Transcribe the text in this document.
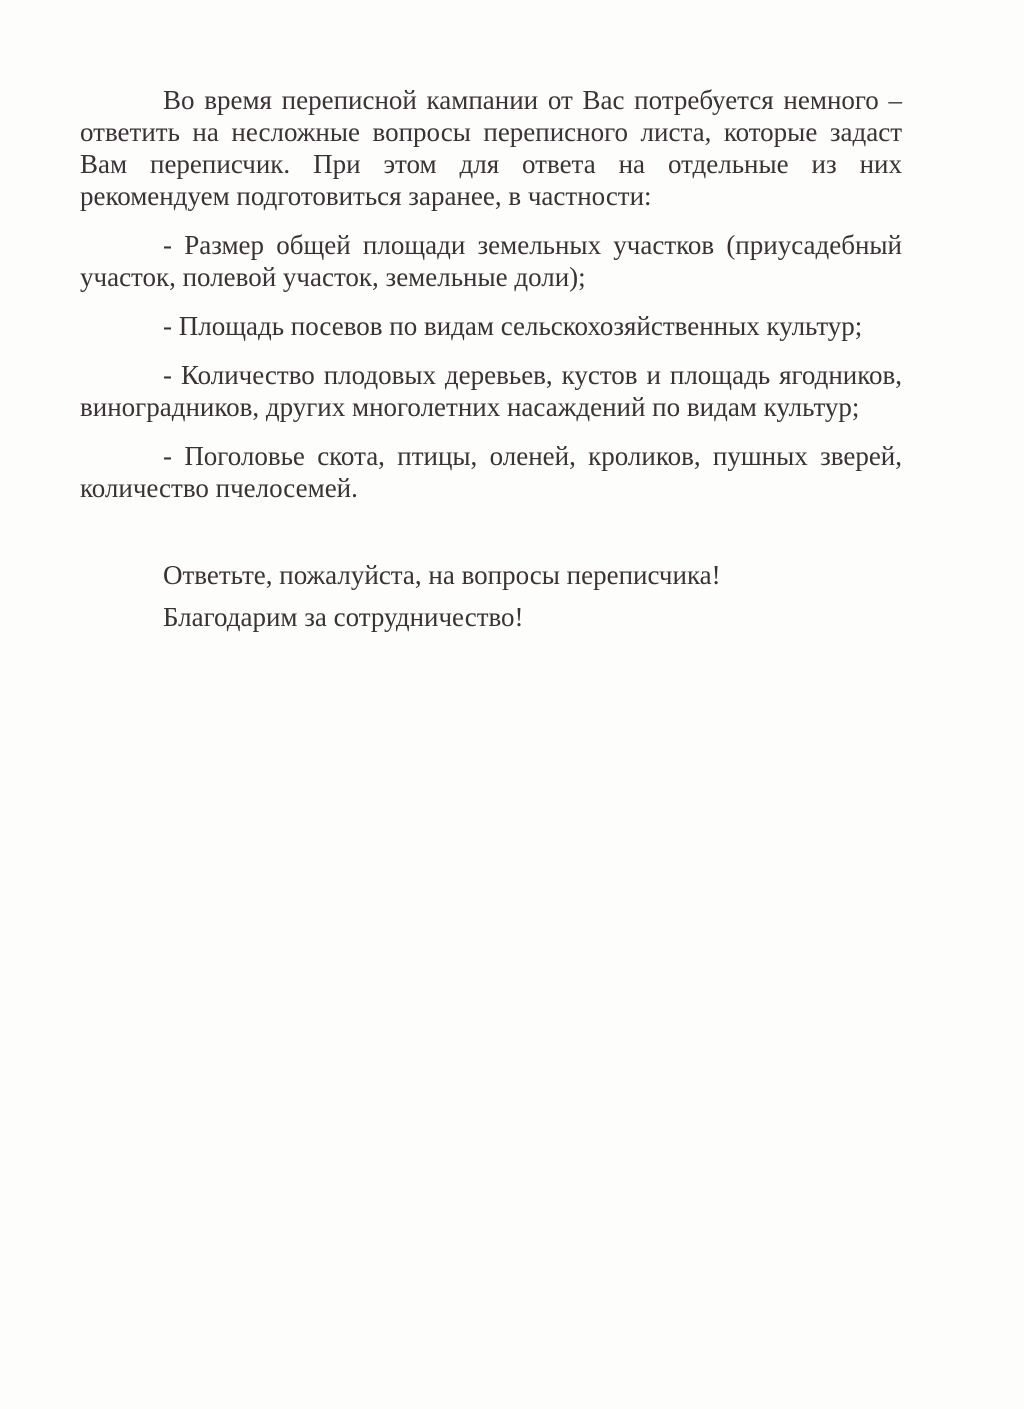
Во время переписной кампании от Вас потребуется немного – ответить на несложные вопросы переписного листа, которые задаст Вам переписчик. При этом для ответа на отдельные из них рекомендуем подготовиться заранее, в частности:

- Размер общей площади земельных участков (приусадебный участок, полевой участок, земельные доли);

- Площадь посевов по видам сельскохозяйственных культур;

- Количество плодовых деревьев, кустов и площадь ягодников, виноградников, других многолетних насаждений по видам культур;

- Поголовье скота, птицы, оленей, кроликов, пушных зверей, количество пчелосемей.

Ответьте, пожалуйста, на вопросы переписчика!

Благодарим за сотрудничество!
